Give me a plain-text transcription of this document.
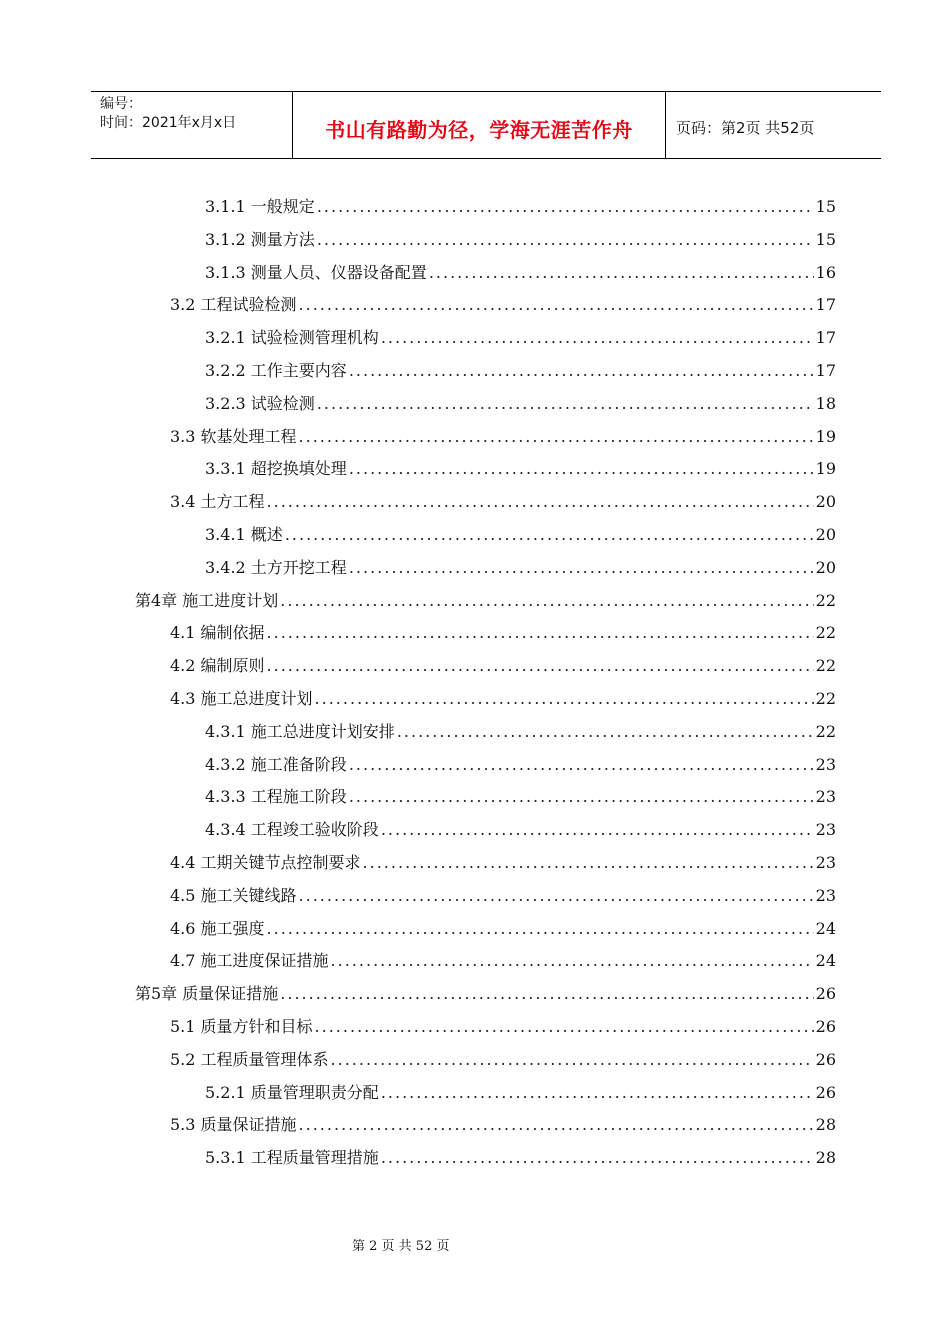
编号：
时间：2021年x月x日	书山有路勤为径，学海无涯苦作舟	页码：第2页 共52页
3.1.1 一般规定 .....	15
3.1.2 测量方法 .....	15
3.1.3 测量人员、仪器设备配置 .....	16
3.2 工程试验检测 .....	17
3.2.1 试验检测管理机构 .....	17
3.2.2 工作主要内容 .....	17
3.2.3 试验检测 .....	18
3.3 软基处理工程 .....	19
3.3.1 超挖换填处理 .....	19
3.4 土方工程 .....	20
3.4.1 概述 .....	20
3.4.2 土方开挖工程 .....	20
第4章 施工进度计划 .....	22
4.1 编制依据 .....	22
4.2 编制原则 .....	22
4.3 施工总进度计划 .....	22
4.3.1 施工总进度计划安排 .....	22
4.3.2 施工准备阶段 .....	23
4.3.3 工程施工阶段 .....	23
4.3.4 工程竣工验收阶段 .....	23
4.4 工期关键节点控制要求 .....	23
4.5 施工关键线路 .....	23
4.6 施工强度 .....	24
4.7 施工进度保证措施 .....	24
第5章 质量保证措施 .....	26
5.1 质量方针和目标 .....	26
5.2 工程质量管理体系 .....	26
5.2.1 质量管理职责分配 .....	26
5.3 质量保证措施 .....	28
5.3.1 工程质量管理措施 .....	28
第 2 页 共 52 页
